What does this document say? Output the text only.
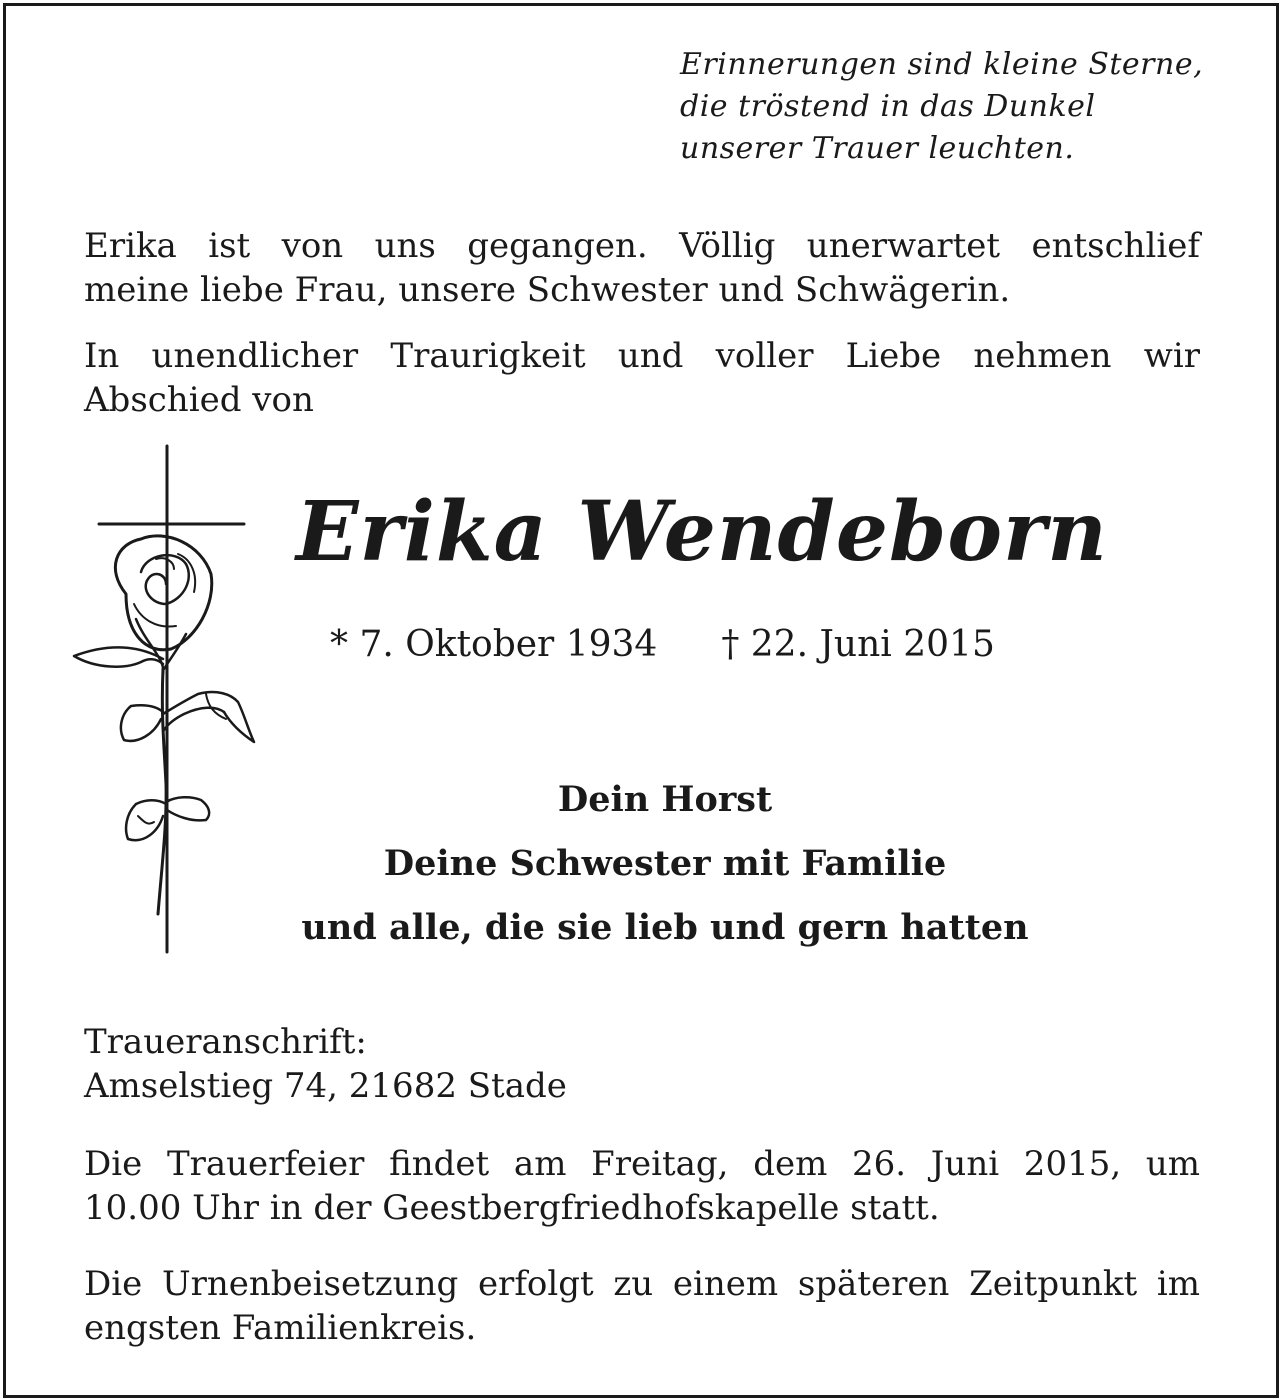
Erinnerungen sind kleine Sterne,
die tröstend in das Dunkel
unserer Trauer leuchten.
Erika ist von uns gegangen. Völlig unerwartet entschlief
meine liebe Frau, unsere Schwester und Schwägerin.
In unendlicher Traurigkeit und voller Liebe nehmen wir
Abschied von
Erika Wendeborn
* 7. Oktober 1934 † 22. Juni 2015
Dein Horst
Deine Schwester mit Familie
und alle, die sie lieb und gern hatten
Traueranschrift:
Amselstieg 74, 21682 Stade
Die Trauerfeier findet am Freitag, dem 26. Juni 2015, um
10.00 Uhr in der Geestbergfriedhofskapelle statt.
Die Urnenbeisetzung erfolgt zu einem späteren Zeitpunkt im
engsten Familienkreis.
